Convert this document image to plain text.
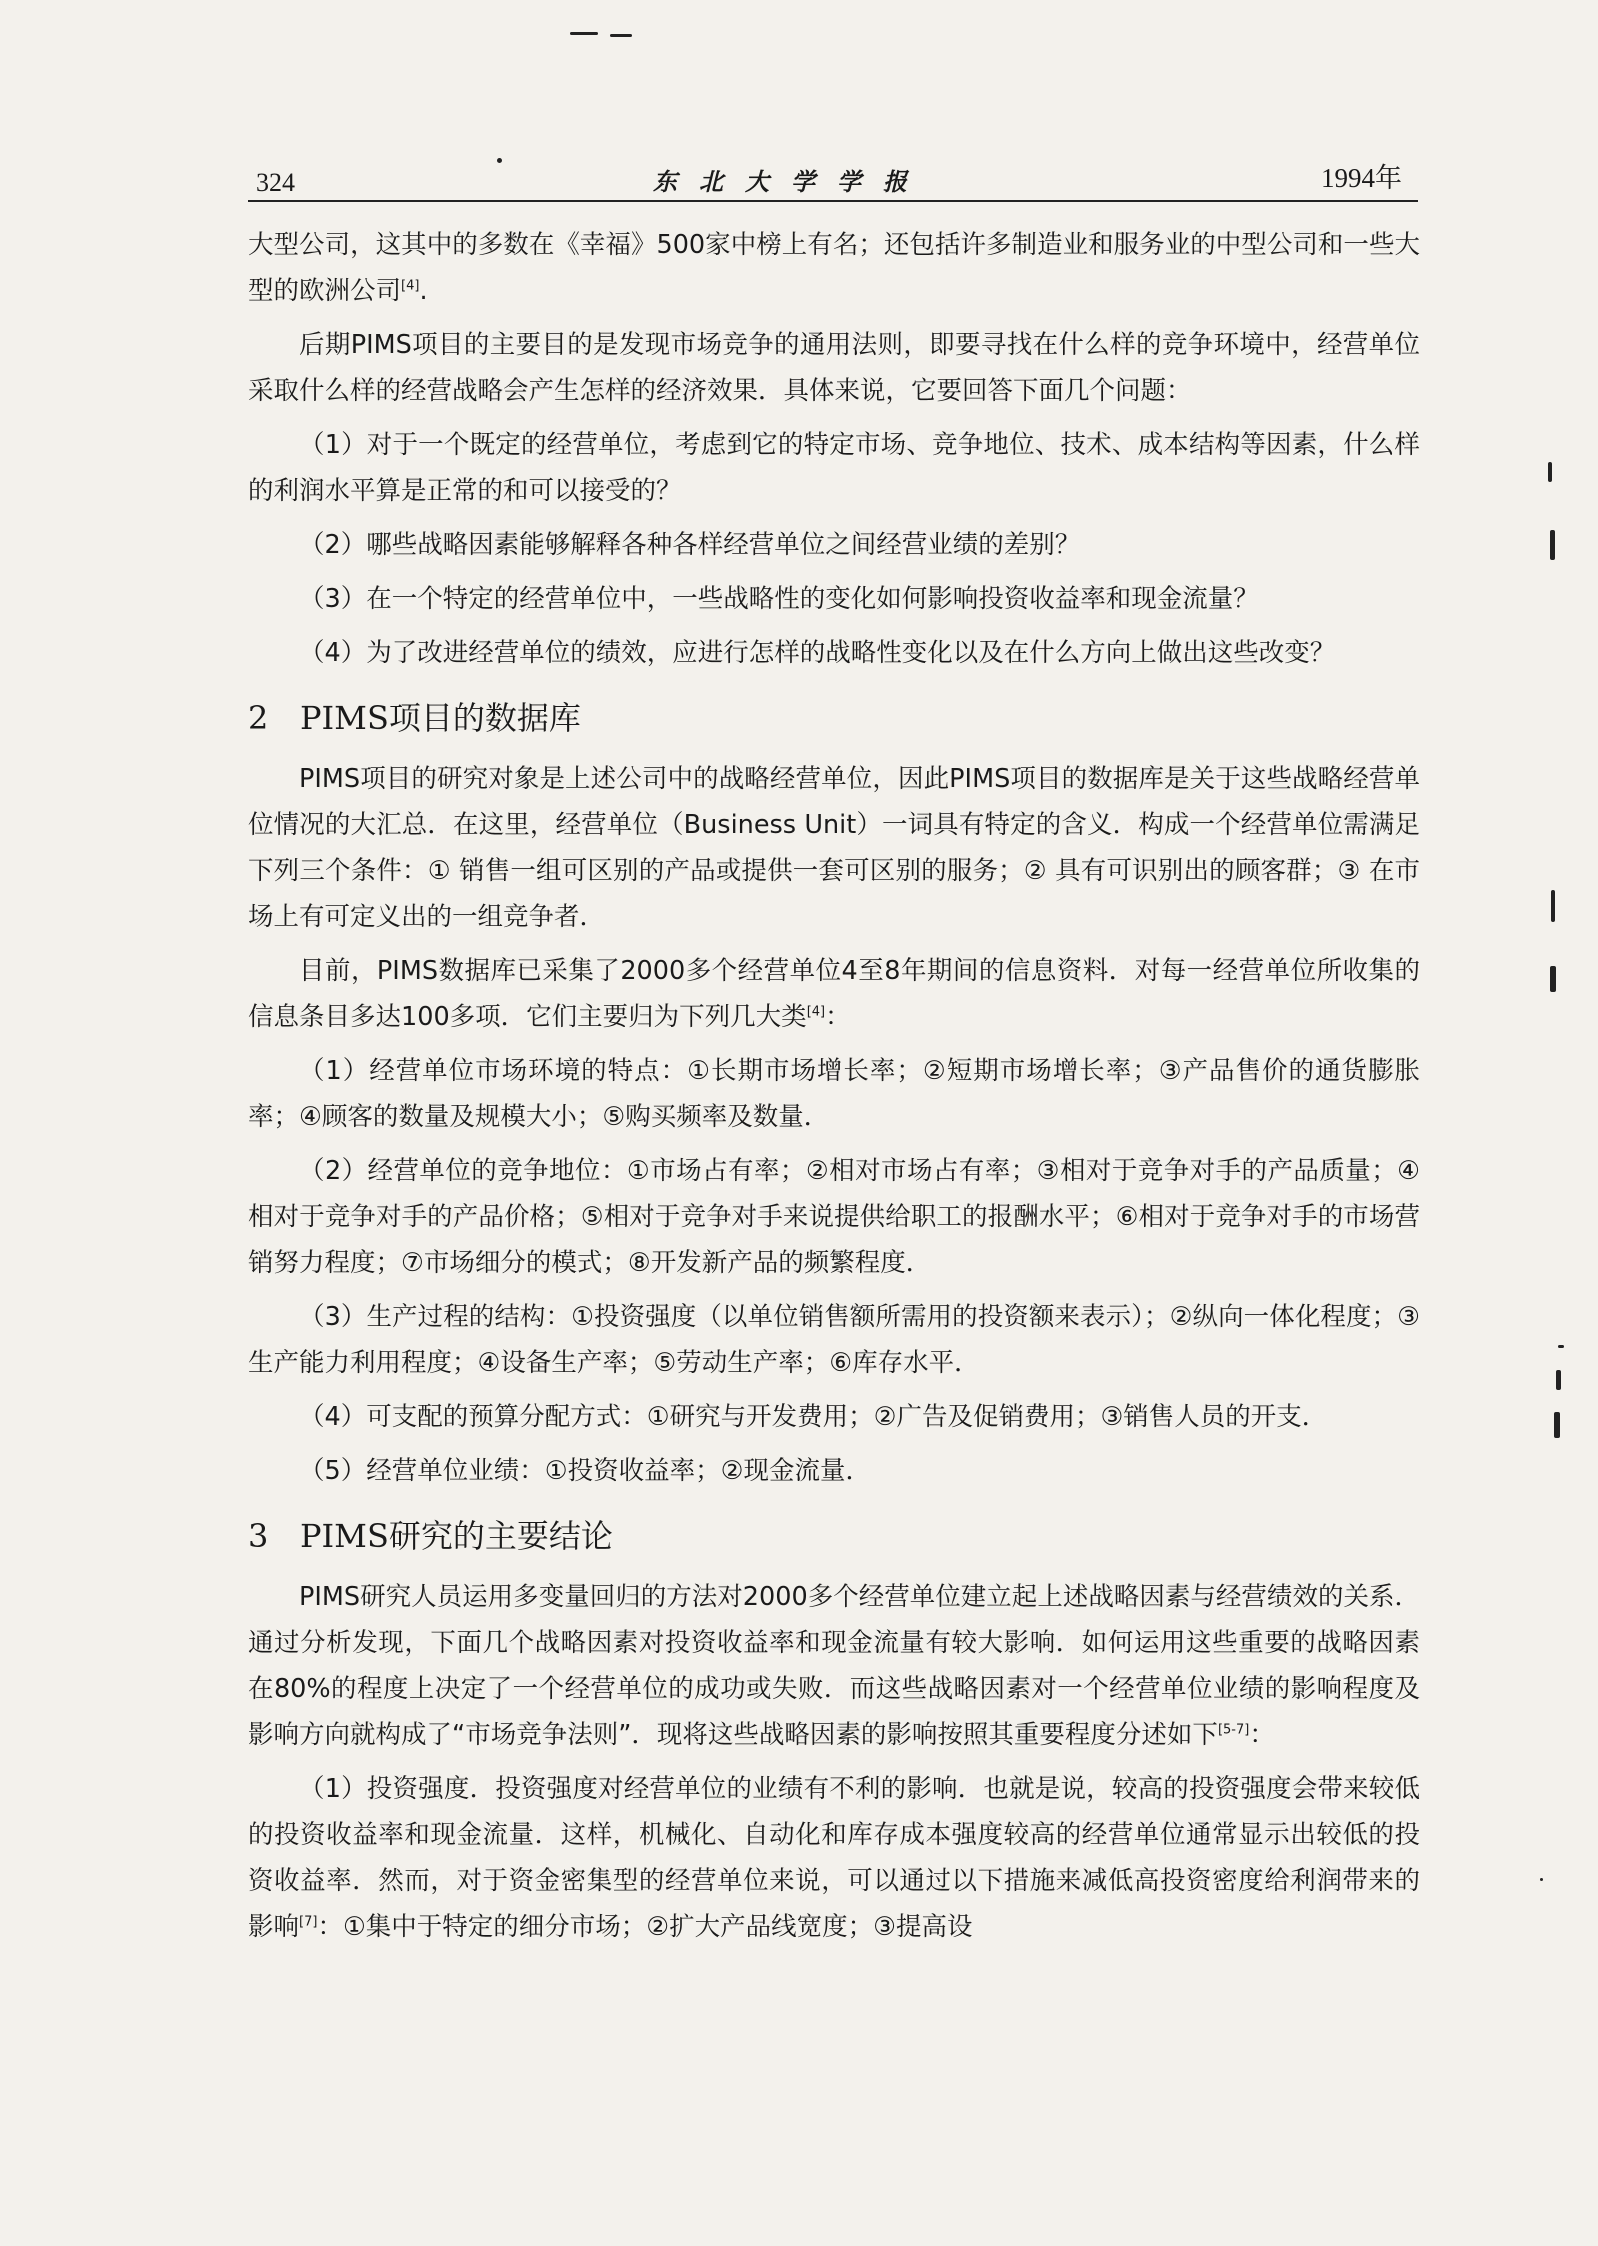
324	东北大学学报	1994年

大型公司，这其中的多数在《幸福》500家中榜上有名；还包括许多制造业和服务业的中型公司和一些大型的欧洲公司[4].

后期PIMS项目的主要目的是发现市场竞争的通用法则，即要寻找在什么样的竞争环境中，经营单位采取什么样的经营战略会产生怎样的经济效果．具体来说，它要回答下面几个问题：

（1）对于一个既定的经营单位，考虑到它的特定市场、竞争地位、技术、成本结构等因素，什么样的利润水平算是正常的和可以接受的？

（2）哪些战略因素能够解释各种各样经营单位之间经营业绩的差别？

（3）在一个特定的经营单位中，一些战略性的变化如何影响投资收益率和现金流量？

（4）为了改进经营单位的绩效，应进行怎样的战略性变化以及在什么方向上做出这些改变？

2 PIMS项目的数据库

PIMS项目的研究对象是上述公司中的战略经营单位，因此PIMS项目的数据库是关于这些战略经营单位情况的大汇总．在这里，经营单位（Business Unit）一词具有特定的含义．构成一个经营单位需满足下列三个条件：① 销售一组可区别的产品或提供一套可区别的服务；② 具有可识别出的顾客群；③ 在市场上有可定义出的一组竞争者．

目前，PIMS数据库已采集了2000多个经营单位4至8年期间的信息资料．对每一经营单位所收集的信息条目多达100多项．它们主要归为下列几大类[4]：

（1）经营单位市场环境的特点：①长期市场增长率；②短期市场增长率；③产品售价的通货膨胀率；④顾客的数量及规模大小；⑤购买频率及数量．

（2）经营单位的竞争地位：①市场占有率；②相对市场占有率；③相对于竞争对手的产品质量；④相对于竞争对手的产品价格；⑤相对于竞争对手来说提供给职工的报酬水平；⑥相对于竞争对手的市场营销努力程度；⑦市场细分的模式；⑧开发新产品的频繁程度．

（3）生产过程的结构：①投资强度（以单位销售额所需用的投资额来表示）；②纵向一体化程度；③生产能力利用程度；④设备生产率；⑤劳动生产率；⑥库存水平．

（4）可支配的预算分配方式：①研究与开发费用；②广告及促销费用；③销售人员的开支．

（5）经营单位业绩：①投资收益率；②现金流量．

3 PIMS研究的主要结论

PIMS研究人员运用多变量回归的方法对2000多个经营单位建立起上述战略因素与经营绩效的关系．通过分析发现，下面几个战略因素对投资收益率和现金流量有较大影响．如何运用这些重要的战略因素在80%的程度上决定了一个经营单位的成功或失败．而这些战略因素对一个经营单位业绩的影响程度及影响方向就构成了“市场竞争法则”．现将这些战略因素的影响按照其重要程度分述如下[5-7]：

（1）投资强度．投资强度对经营单位的业绩有不利的影响．也就是说，较高的投资强度会带来较低的投资收益率和现金流量．这样，机械化、自动化和库存成本强度较高的经营单位通常显示出较低的投资收益率．然而，对于资金密集型的经营单位来说，可以通过以下措施来减低高投资密度给利润带来的影响[7]：①集中于特定的细分市场；②扩大产品线宽度；③提高设
